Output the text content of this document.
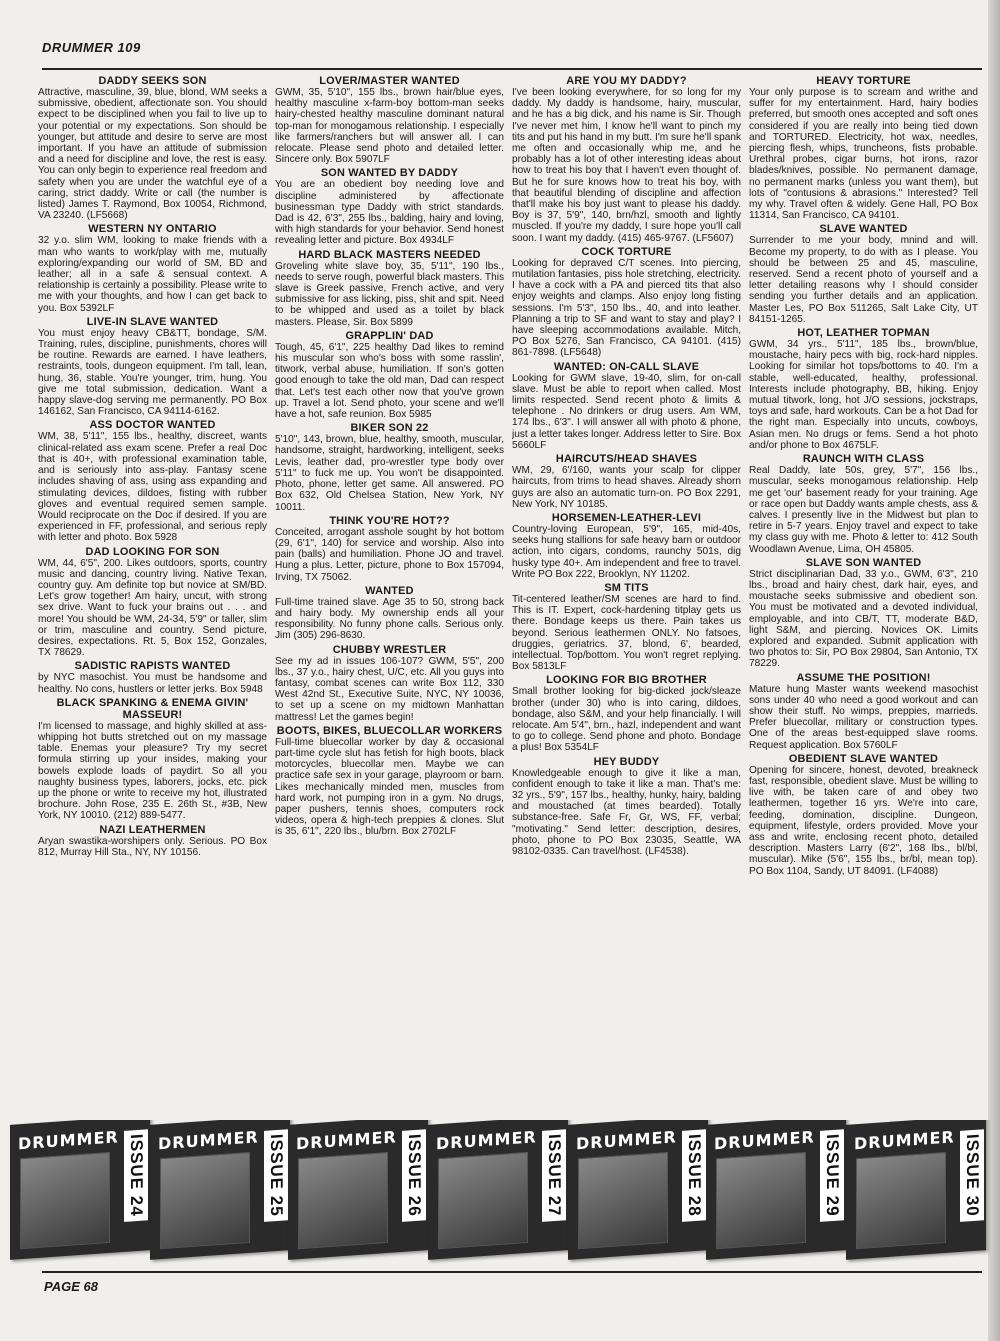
DRUMMER 109
DADDY SEEKS SON

Attractive, masculine, 39, blue, blond, WM seeks a submissive, obedient, affectionate son. You should expect to be disciplined when you fail to live up to your potential or my expectations. Son should be younger, but attitude and desire to serve are most important. If you have an attitude of submission and a need for discipline and love, the rest is easy. You can only begin to experience real freedom and safety when you are under the watchful eye of a caring, strict daddy. Write or call (the number is listed) James T. Raymond, Box 10054, Richmond, VA 23240. (LF5668)

WESTERN NY ONTARIO

32 y.o. slim WM, looking to make friends with a man who wants to work/play with me, mutually exploring/expanding our world of SM, BD and leather; all in a safe & sensual context. A relationship is certainly a possibility. Please write to me with your thoughts, and how I can get back to you. Box 5392LF

LIVE-IN SLAVE WANTED

You must enjoy heavy CB&TT, bondage, S/M. Training, rules, discipline, punishments, chores will be routine. Rewards are earned. I have leathers, restraints, tools, dungeon equipment. I'm tall, lean, hung, 36, stable. You're younger, trim, hung. You give me total submission, dedication. Want a happy slave-dog serving me permanently. PO Box 146162, San Francisco, CA 94114-6162.

ASS DOCTOR WANTED

WM, 38, 5'11", 155 lbs., healthy, discreet, wants clinical-related ass exam scene. Prefer a real Doc that is 40+, with professional examination table, and is seriously into ass-play. Fantasy scene includes shaving of ass, using ass expanding and stimulating devices, dildoes, fisting with rubber gloves and eventual required semen sample. Would reciprocate on the Doc if desired. If you are experienced in FF, professional, and serious reply with letter and photo. Box 5928

DAD LOOKING FOR SON

WM, 44, 6'5", 200. Likes outdoors, sports, country music and dancing, country living. Native Texan, country guy. Am definite top but novice at SM/BD. Let's grow together! Am hairy, uncut, with strong sex drive. Want to fuck your brains out . . . and more! You should be WM, 24-34, 5'9" or taller, slim or trim, masculine and country. Send picture, desires, expectations. Rt. 5, Box 152, Gonzales, TX 78629.

SADISTIC RAPISTS WANTED

by NYC masochist. You must be handsome and healthy. No cons, hustlers or letter jerks. Box 5948

BLACK SPANKING & ENEMA GIVIN' MASSEUR!

I'm licensed to massage, and highly skilled at ass-whipping hot butts stretched out on my massage table. Enemas your pleasure? Try my secret formula stirring up your insides, making your bowels explode loads of paydirt. So all you naughty business types, laborers, jocks, etc. pick up the phone or write to receive my hot, illustrated brochure. John Rose, 235 E. 26th St., #3B, New York, NY 10010. (212) 889-5477.

NAZI LEATHERMEN

Aryan swastika-worshipers only. Serious. PO Box 812, Murray Hill Sta., NY, NY 10156.

LOVER/MASTER WANTED

GWM, 35, 5'10", 155 lbs., brown hair/blue eyes, healthy masculine x-farm-boy bottom-man seeks hairy-chested healthy masculine dominant natural top-man for monogamous relationship. I especially like farmers/ranchers but will answer all. I can relocate. Please send photo and detailed letter. Sincere only. Box 5907LF

SON WANTED BY DADDY

You are an obedient boy needing love and discipline administered by affectionate businessman type Daddy with strict standards. Dad is 42, 6'3", 255 lbs., balding, hairy and loving, with high standards for your behavior. Send honest revealing letter and picture. Box 4934LF

HARD BLACK MASTERS NEEDED

Groveling white slave boy, 35, 5'11", 190 lbs., needs to serve rough, powerful black masters. This slave is Greek passive, French active, and very submissive for ass licking, piss, shit and spit. Need to be whipped and used as a toilet by black masters. Please, Sir. Box 5899

GRAPPLIN' DAD

Tough, 45, 6'1", 225 healthy Dad likes to remind his muscular son who's boss with some rasslin', titwork, verbal abuse, humiliation. If son's gotten good enough to take the old man, Dad can respect that. Let's test each other now that you've grown up. Travel a lot. Send photo, your scene and we'll have a hot, safe reunion. Box 5985

BIKER SON 22

5'10", 143, brown, blue, healthy, smooth, muscular, handsome, straight, hardworking, intelligent, seeks Levis, leather dad, pro-wrestler type body over 5'11" to fuck me up. You won't be disappointed. Photo, phone, letter get same. All answered. PO Box 632, Old Chelsea Station, New York, NY 10011.

THINK YOU'RE HOT??

Conceited, arrogant asshole sought by hot bottom (29, 6'1", 140) for service and worship. Also into pain (balls) and humiliation. Phone JO and travel. Hung a plus. Letter, picture, phone to Box 157094, Irving, TX 75062.

WANTED

Full-time trained slave. Age 35 to 50, strong back and hairy body. My ownership ends all your responsibility. No funny phone calls. Serious only. Jim (305) 296-8630.

CHUBBY WRESTLER

See my ad in issues 106-107? GWM, 5'5", 200 lbs., 37 y.o., hairy chest, U/C, etc. All you guys into fantasy, combat scenes can write Box 112, 330 West 42nd St., Executive Suite, NYC, NY 10036, to set up a scene on my midtown Manhattan mattress! Let the games begin!

BOOTS, BIKES, BLUECOLLAR WORKERS

Full-time bluecollar worker by day & occasional part-time cycle slut has fetish for high boots, black motorcycles, bluecollar men. Maybe we can practice safe sex in your garage, playroom or barn. Likes mechanically minded men, muscles from hard work, not pumping iron in a gym. No drugs, paper pushers, tennis shoes, computers rock videos, opera & high-tech preppies & clones. Slut is 35, 6'1", 220 lbs., blu/brn. Box 2702LF

ARE YOU MY DADDY?

I've been looking everywhere, for so long for my daddy. My daddy is handsome, hairy, muscular, and he has a big dick, and his name is Sir. Though I've never met him, I know he'll want to pinch my tits and put his hand in my butt. I'm sure he'll spank me often and occasionally whip me, and he probably has a lot of other interesting ideas about how to treat his boy that I haven't even thought of. But he for sure knows how to treat his boy, with that beautiful blending of discipline and affection that'll make his boy just want to please his daddy. Boy is 37, 5'9", 140, brn/hzl, smooth and lightly muscled. If you're my daddy, I sure hope you'll call soon. I want my daddy. (415) 465-9767. (LF5607)

COCK TORTURE

Looking for depraved C/T scenes. Into piercing, mutilation fantasies, piss hole stretching, electricity. I have a cock with a PA and pierced tits that also enjoy weights and clamps. Also enjoy long fisting sessions. I'm 5'3", 150 lbs., 40, and into leather. Planning a trip to SF and want to stay and play? I have sleeping accommodations available. Mitch, PO Box 5276, San Francisco, CA 94101. (415) 861-7898. (LF5648)

WANTED: ON-CALL SLAVE

Looking for GWM slave, 19-40, slim, for on-call slave. Must be able to report when called. Most limits respected. Send recent photo & limits & telephone . No drinkers or drug users. Am WM, 174 lbs., 6'3". I will answer all with photo & phone, just a letter takes longer. Address letter to Sire. Box 5660LF

HAIRCUTS/HEAD SHAVES

WM, 29, 6'/160, wants your scalp for clipper haircuts, from trims to head shaves. Already shorn guys are also an automatic turn-on. PO Box 2291, New York, NY 10185.

HORSEMEN-LEATHER-LEVI

Country-loving European, 5'9", 165, mid-40s, seeks hung stallions for safe heavy barn or outdoor action, into cigars, condoms, raunchy 501s, dig husky type 40+. Am independent and free to travel. Write PO Box 222, Brooklyn, NY 11202.

SM TITS

Tit-centered leather/SM scenes are hard to find. This is IT. Expert, cock-hardening titplay gets us there. Bondage keeps us there. Pain takes us beyond. Serious leathermen ONLY. No fatsoes, druggies, geriatrics. 37, blond, 6', bearded, intellectual. Top/bottom. You won't regret replying. Box 5813LF

LOOKING FOR BIG BROTHER

Small brother looking for big-dicked jock/sleaze brother (under 30) who is into caring, dildoes, bondage, also S&M, and your help financially. I will relocate. Am 5'4", brn., hazl, independent and want to go to college. Send phone and photo. Bondage a plus! Box 5354LF

HEY BUDDY

Knowledgeable enough to give it like a man, confident enough to take it like a man. That's me: 32 yrs., 5'9", 157 lbs., healthy, hunky, hairy, balding and moustached (at times bearded). Totally substance-free. Safe Fr, Gr, WS, FF, verbal; "motivating." Send letter: description, desires, photo, phone to PO Box 23035, Seattle, WA 98102-0335. Can travel/host. (LF4538).

HEAVY TORTURE

Your only purpose is to scream and writhe and suffer for my entertainment. Hard, hairy bodies preferred, but smooth ones accepted and soft ones considered if you are really into being tied down and TORTURED. Electricity, hot wax, needles, piercing flesh, whips, truncheons, fists probable. Urethral probes, cigar burns, hot irons, razor blades/knives, possible. No permanent damage, no permanent marks (unless you want them), but lots of "contusions & abrasions." Interested? Tell my why. Travel often & widely. Gene Hall, PO Box 11314, San Francisco, CA 94101.

SLAVE WANTED

Surrender to me your body, mnind and will. Become my property, to do with as I please. You should be between 25 and 45, masculine, reserved. Send a recent photo of yourself and a letter detailing reasons why I should consider sending you further details and an application. Master Les, PO Box 511265, Salt Lake City, UT 84151-1265.

HOT, LEATHER TOPMAN

GWM, 34 yrs., 5'11", 185 lbs., brown/blue, moustache, hairy pecs with big, rock-hard nipples. Looking for similar hot tops/bottoms to 40. I'm a stable, well-educated, healthy, professional. Interests include photography, BB, hiking. Enjoy mutual titwork, long, hot J/O sessions, jockstraps, toys and safe, hard workouts. Can be a hot Dad for the right man. Especially into uncuts, cowboys, Asian men. No drugs or fems. Send a hot photo and/or phone to Box 4675LF.

RAUNCH WITH CLASS

Real Daddy, late 50s, grey, 5'7", 156 lbs., muscular, seeks monogamous relationship. Help me get 'our' basement ready for your training. Age or race open but Daddy wants ample chests, ass & calves. I presently live in the Midwest but plan to retire in 5-7 years. Enjoy travel and expect to take my class guy with me. Photo & letter to: 412 South Woodlawn Avenue, Lima, OH 45805.

SLAVE SON WANTED

Strict disciplinarian Dad, 33 y.o., GWM, 6'3", 210 lbs., broad and hairy chest, dark hair, eyes, and moustache seeks submissive and obedient son. You must be motivated and a devoted individual, employable, and into CB/T, TT, moderate B&D, light S&M, and piercing. Novices OK. Limits explored and expanded. Submit application with two photos to: Sir, PO Box 29804, San Antonio, TX 78229.

ASSUME THE POSITION!

Mature hung Master wants weekend masochist sons under 40 who need a good workout and can show their stuff. No wimps, preppies, marrieds. Prefer bluecollar, military or construction types. One of the areas best-equipped slave rooms. Request application. Box 5760LF

OBEDIENT SLAVE WANTED

Opening for sincere, honest, devoted, breakneck fast, responsible, obedient slave. Must be willing to live with, be taken care of and obey two leathermen, together 16 yrs. We're into care, feeding, domination, discipline. Dungeon, equipment, lifestyle, orders provided. Move your ass and write, enclosing recent photo, detailed description. Masters Larry (6'2", 168 lbs., bl/bl, muscular). Mike (5'6", 155 lbs., br/bl, mean top). PO Box 1104, Sandy, UT 84091. (LF4088)

DRUMMER ISSUE 24 DRUMMER ISSUE 25 DRUMMER ISSUE 26 DRUMMER ISSUE 27 DRUMMER ISSUE 28 DRUMMER ISSUE 29 DRUMMER ISSUE 30
PAGE 68
